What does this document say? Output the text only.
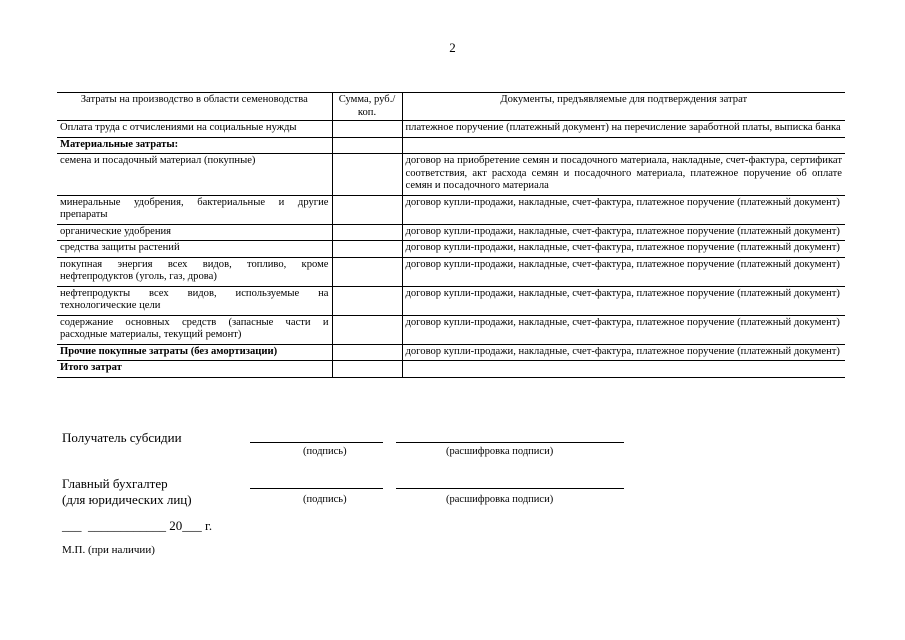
2
Затраты на производство в области семеноводства	Сумма, руб./коп.	Документы, предъявляемые для подтверждения затрат
Оплата труда с отчислениями на социальные нужды		платежное поручение (платежный документ) на перечисление заработной платы, выписка банка
Материальные затраты:		
семена и посадочный материал (покупные)		договор на приобретение семян и посадочного материала, накладные, счет-фактура, сертификат соответствия, акт расхода семян и посадочного материала, платежное поручение об оплате семян и посадочного материала
минеральные удобрения, бактериальные и другие препараты		договор купли-продажи, накладные, счет-фактура, платежное поручение (платежный документ)
органические удобрения		договор купли-продажи, накладные, счет-фактура, платежное поручение (платежный документ)
средства защиты растений		договор купли-продажи, накладные, счет-фактура, платежное поручение (платежный документ)
покупная энергия всех видов, топливо, кроме нефтепродуктов (уголь, газ, дрова)		договор купли-продажи, накладные, счет-фактура, платежное поручение (платежный документ)
нефтепродукты всех видов, используемые на технологические цели		договор купли-продажи, накладные, счет-фактура, платежное поручение (платежный документ)
содержание основных средств (запасные части и расходные материалы, текущий ремонт)		договор купли-продажи, накладные, счет-фактура, платежное поручение (платежный документ)
Прочие покупные затраты (без амортизации)		договор купли-продажи, накладные, счет-фактура, платежное поручение (платежный документ)
Итого затрат		
Получатель субсидии
(подпись)	(расшифровка подписи)
Главный бухгалтер
(для юридических лиц)	(подпись)	(расшифровка подписи)
___  ____________ 20___ г.
М.П. (при наличии)
